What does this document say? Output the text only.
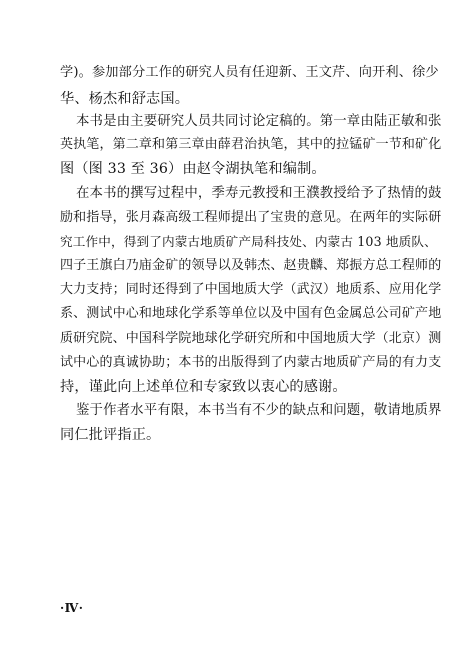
学)。参加部分工作的研究人员有任迎新、王文芹、向开利、徐少
华、杨杰和舒志国。
本书是由主要研究人员共同讨论定稿的。第一章由陆正敏和张
英执笔，第二章和第三章由薛君治执笔，其中的拉锰矿一节和矿化
图（图 33 至 36）由赵令湖执笔和编制。
在本书的撰写过程中，季寿元教授和王濮教授给予了热情的鼓
励和指导，张月森高级工程师提出了宝贵的意见。在两年的实际研
究工作中，得到了内蒙古地质矿产局科技处、内蒙古 103 地质队、
四子王旗白乃庙金矿的领导以及韩杰、赵贵麟、郑振方总工程师的
大力支持；同时还得到了中国地质大学（武汉）地质系、应用化学
系、测试中心和地球化学系等单位以及中国有色金属总公司矿产地
质研究院、中国科学院地球化学研究所和中国地质大学（北京）测
试中心的真诚协助；本书的出版得到了内蒙古地质矿产局的有力支
持，谨此向上述单位和专家致以衷心的感谢。
鉴于作者水平有限，本书当有不少的缺点和问题，敬请地质界
同仁批评指正。
·Ⅳ·
